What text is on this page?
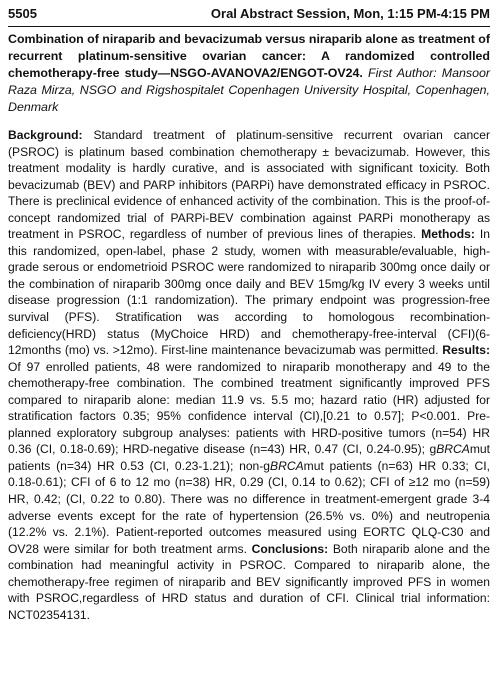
5505	Oral Abstract Session, Mon, 1:15 PM-4:15 PM

Combination of niraparib and bevacizumab versus niraparib alone as treatment of recurrent platinum-sensitive ovarian cancer: A randomized controlled chemotherapy-free study—NSGO-AVANOVA2/ENGOT-OV24. First Author: Mansoor Raza Mirza, NSGO and Rigshospitalet Copenhagen University Hospital, Copenhagen, Denmark

Background: Standard treatment of platinum-sensitive recurrent ovarian cancer (PSROC) is platinum based combination chemotherapy ± bevacizumab. However, this treatment modality is hardly curative, and is associated with significant toxicity. Both bevacizumab (BEV) and PARP inhibitors (PARPi) have demonstrated efficacy in PSROC. There is preclinical evidence of enhanced activity of the combination. This is the proof-of-concept randomized trial of PARPi-BEV combination against PARPi monotherapy as treatment in PSROC, regardless of number of previous lines of therapies. Methods: In this randomized, open-label, phase 2 study, women with measurable/evaluable, high-grade serous or endometrioid PSROC were randomized to niraparib 300mg once daily or the combination of niraparib 300mg once daily and BEV 15mg/kg IV every 3 weeks until disease progression (1:1 randomization). The primary endpoint was progression-free survival (PFS). Stratification was according to homologous recombination-deficiency(HRD) status (MyChoice HRD) and chemotherapy-free-interval (CFI)(6-12months (mo) vs. >12mo). First-line maintenance bevacizumab was permitted. Results: Of 97 enrolled patients, 48 were randomized to niraparib monotherapy and 49 to the chemotherapy-free combination. The combined treatment significantly improved PFS compared to niraparib alone: median 11.9 vs. 5.5 mo; hazard ratio (HR) adjusted for stratification factors 0.35; 95% confidence interval (CI),[0.21 to 0.57]; P<0.001. Pre-planned exploratory subgroup analyses: patients with HRD-positive tumors (n=54) HR 0.36 (CI, 0.18-0.69); HRD-negative disease (n=43) HR, 0.47 (CI, 0.24-0.95); gBRCAmut patients (n=34) HR 0.53 (CI, 0.23-1.21); non-gBRCAmut patients (n=63) HR 0.33; CI, 0.18-0.61); CFI of 6 to 12 mo (n=38) HR, 0.29 (CI, 0.14 to 0.62); CFI of ≥12 mo (n=59) HR, 0.42; (CI, 0.22 to 0.80). There was no difference in treatment-emergent grade 3-4 adverse events except for the rate of hypertension (26.5% vs. 0%) and neutropenia (12.2% vs. 2.1%). Patient-reported outcomes measured using EORTC QLQ-C30 and OV28 were similar for both treatment arms. Conclusions: Both niraparib alone and the combination had meaningful activity in PSROC. Compared to niraparib alone, the chemotherapy-free regimen of niraparib and BEV significantly improved PFS in women with PSROC,regardless of HRD status and duration of CFI. Clinical trial information: NCT02354131.
